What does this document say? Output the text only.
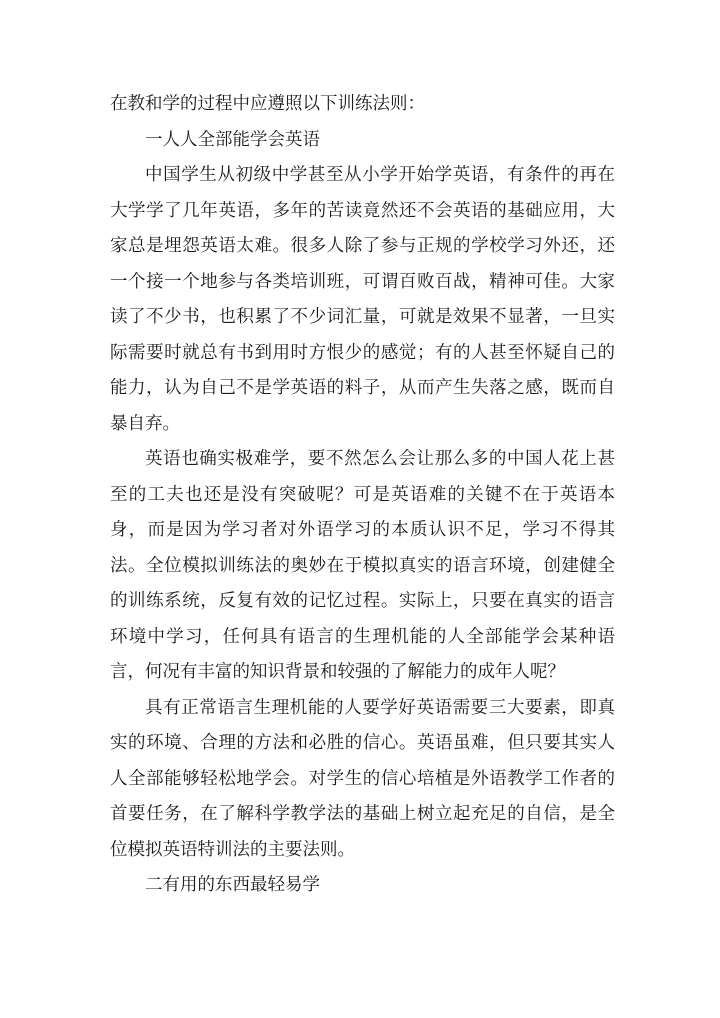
在教和学的过程中应遵照以下训练法则：

一人人全部能学会英语

中国学生从初级中学甚至从小学开始学英语，有条件的再在大学学了几年英语，多年的苦读竟然还不会英语的基础应用，大家总是埋怨英语太难。很多人除了参与正规的学校学习外还，还一个接一个地参与各类培训班，可谓百败百战，精神可佳。大家读了不少书，也积累了不少词汇量，可就是效果不显著，一旦实际需要时就总有书到用时方恨少的感觉；有的人甚至怀疑自己的能力，认为自己不是学英语的料子，从而产生失落之感，既而自暴自弃。

英语也确实极难学，要不然怎么会让那么多的中国人花上甚至的工夫也还是没有突破呢？可是英语难的关键不在于英语本身，而是因为学习者对外语学习的本质认识不足，学习不得其法。全位模拟训练法的奥妙在于模拟真实的语言环境，创建健全的训练系统，反复有效的记忆过程。实际上，只要在真实的语言环境中学习，任何具有语言的生理机能的人全部能学会某种语言，何况有丰富的知识背景和较强的了解能力的成年人呢？

具有正常语言生理机能的人要学好英语需要三大要素，即真实的环境、合理的方法和必胜的信心。英语虽难，但只要其实人人全部能够轻松地学会。对学生的信心培植是外语教学工作者的首要任务，在了解科学教学法的基础上树立起充足的自信，是全位模拟英语特训法的主要法则。

二有用的东西最轻易学
